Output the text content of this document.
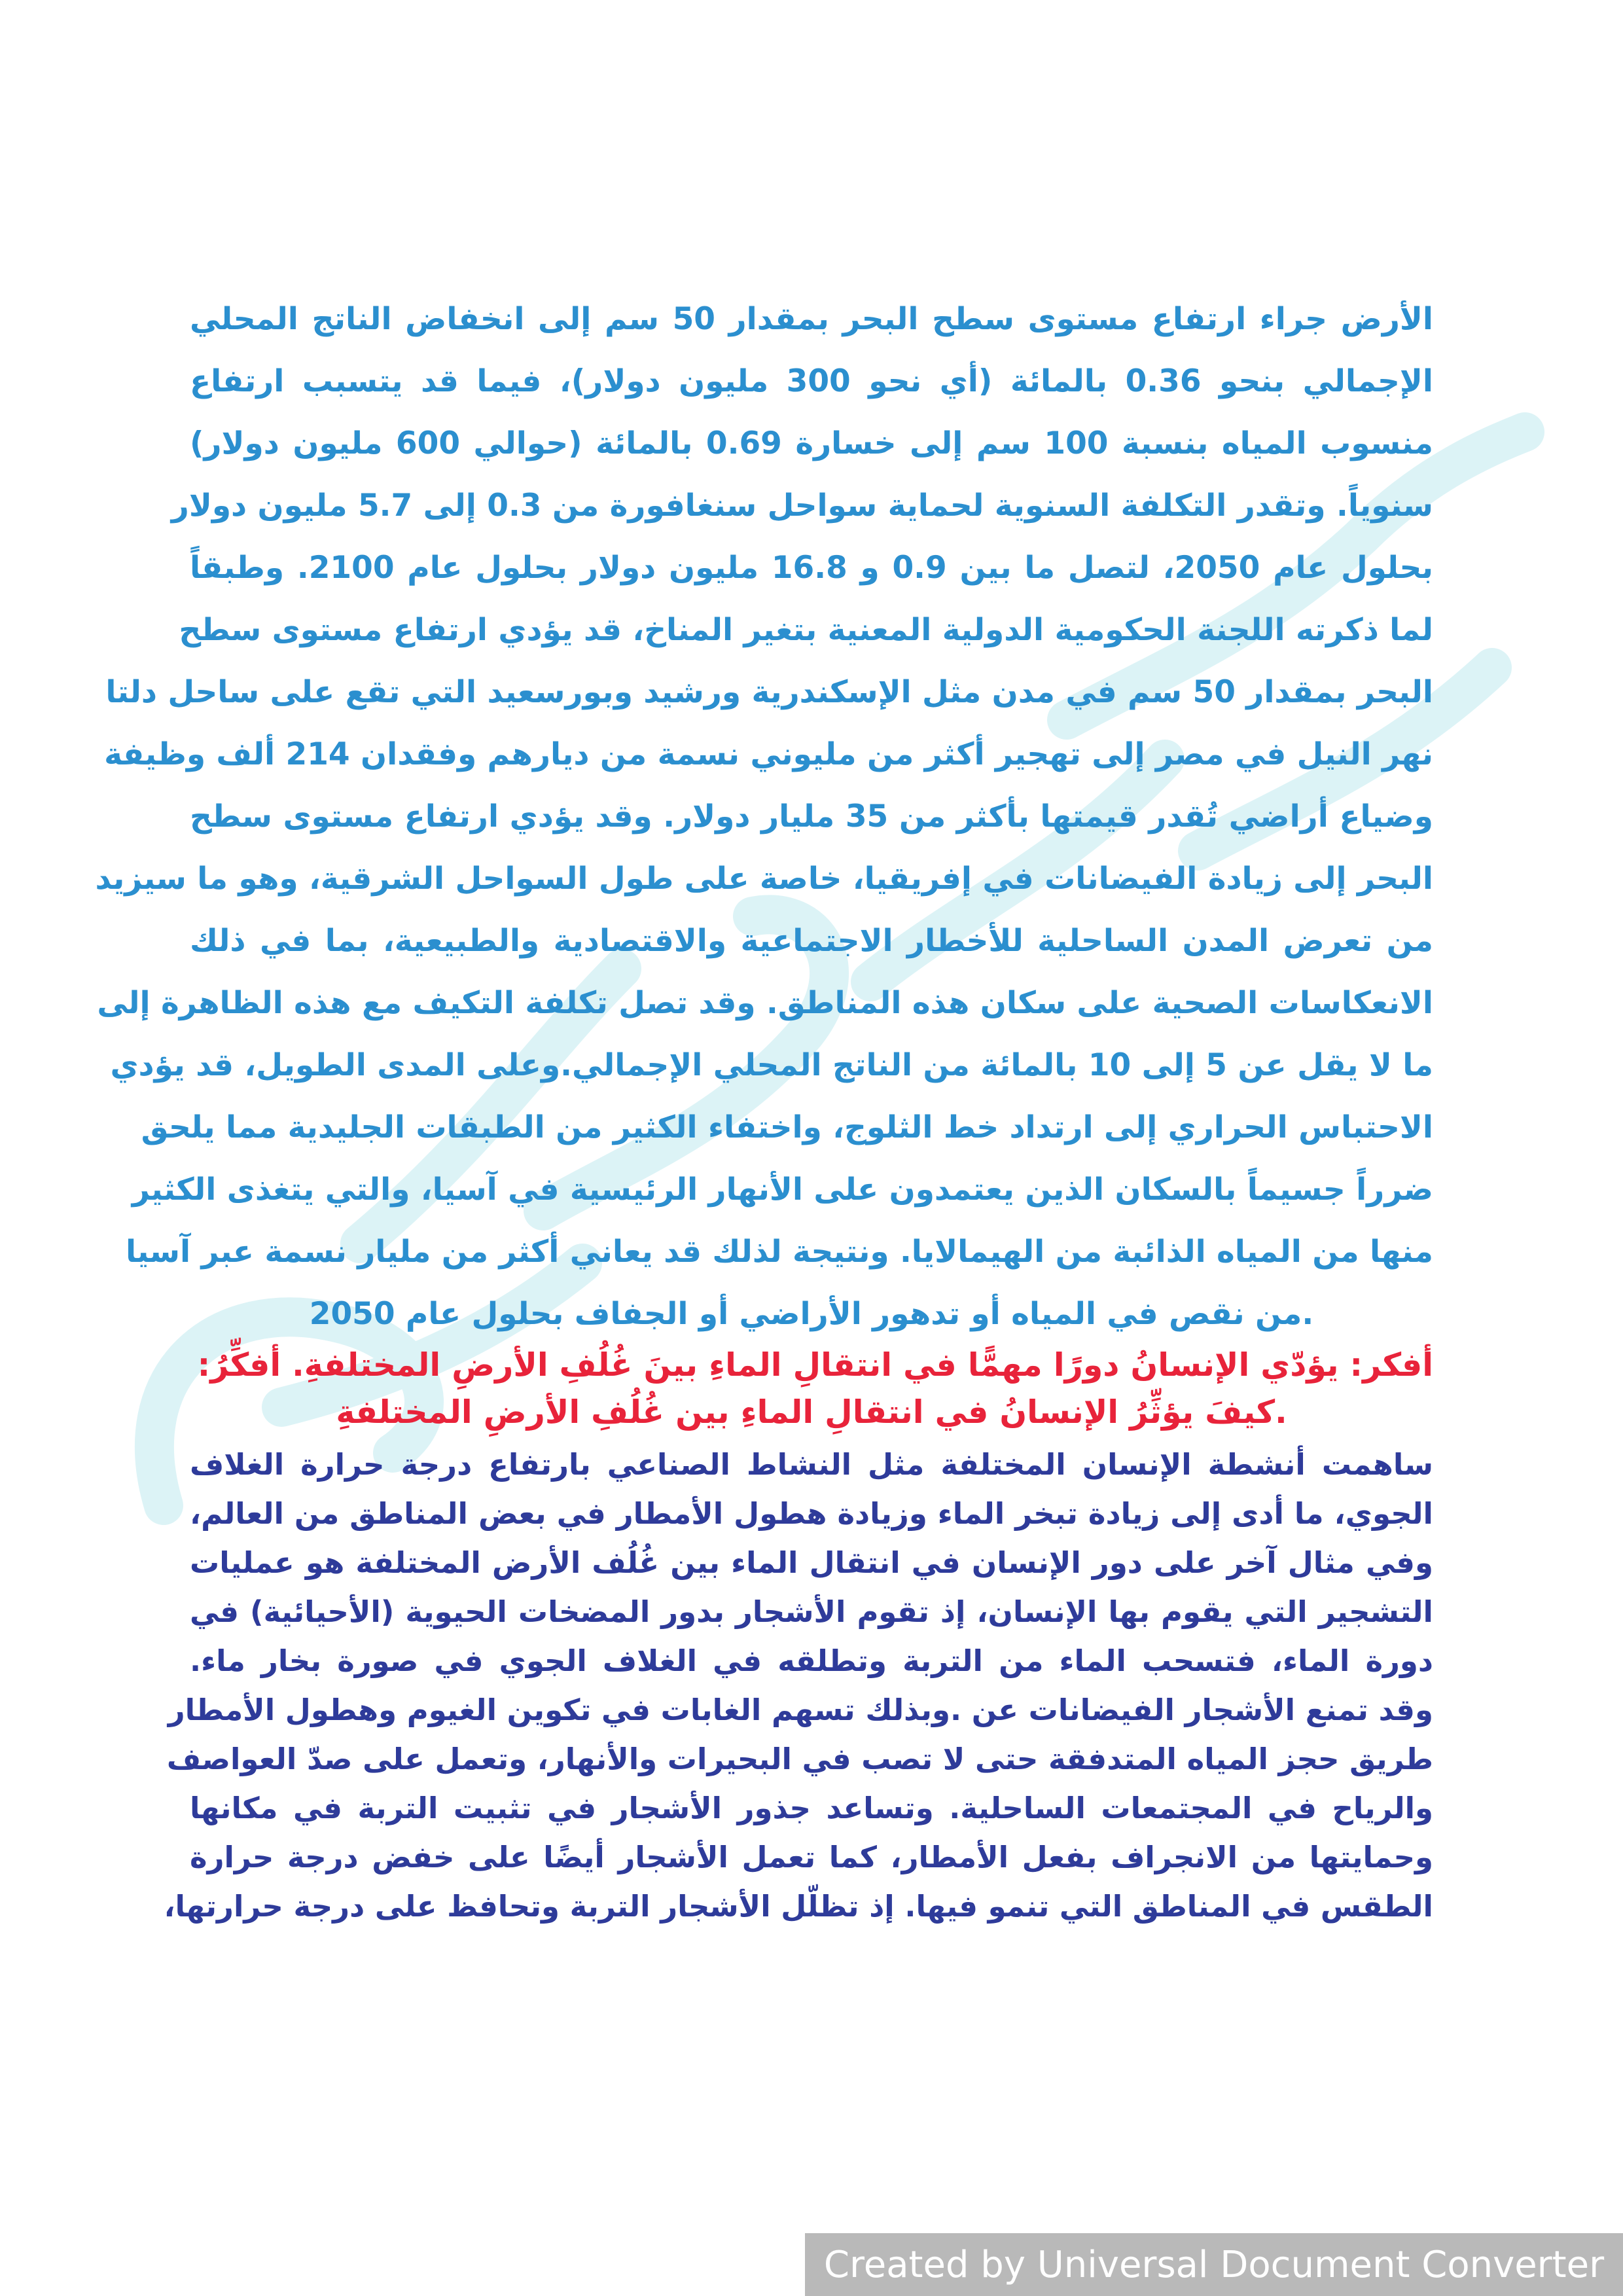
الأرض جراء ارتفاع مستوى سطح البحر بمقدار 50 سم إلى انخفاض الناتج المحلي
الإجمالي بنحو 0.36 بالمائة (أي نحو 300 مليون دولار)، فيما قد يتسبب ارتفاع
منسوب المياه بنسبة 100 سم إلى خسارة 0.69 بالمائة (حوالي 600 مليون دولار)
سنوياً. وتقدر التكلفة السنوية لحماية سواحل سنغافورة من 0.3 إلى 5.7 مليون دولار
بحلول عام 2050، لتصل ما بين 0.9 و 16.8 مليون دولار بحلول عام 2100. وطبقاً
لما ذكرته اللجنة الحكومية الدولية المعنية بتغير المناخ، قد يؤدي ارتفاع مستوى سطح
البحر بمقدار 50 سم في مدن مثل الإسكندرية ورشيد وبورسعيد التي تقع على ساحل دلتا
نهر النيل في مصر إلى تهجير أكثر من مليوني نسمة من ديارهم وفقدان 214 ألف وظيفة
وضياع أراضي تُقدر قيمتها بأكثر من 35 مليار دولار. وقد يؤدي ارتفاع مستوى سطح
البحر إلى زيادة الفيضانات في إفريقيا، خاصة على طول السواحل الشرقية، وهو ما سيزيد
من تعرض المدن الساحلية للأخطار الاجتماعية والاقتصادية والطبيعية، بما في ذلك
الانعكاسات الصحية على سكان هذه المناطق. وقد تصل تكلفة التكيف مع هذه الظاهرة إلى
ما لا يقل عن 5 إلى 10 بالمائة من الناتج المحلي الإجمالي.وعلى المدى الطويل، قد يؤدي
الاحتباس الحراري إلى ارتداد خط الثلوج، واختفاء الكثير من الطبقات الجليدية مما يلحق
ضرراً جسيماً بالسكان الذين يعتمدون على الأنهار الرئيسية في آسيا، والتي يتغذى الكثير
منها من المياه الذائبة من الهيمالايا. ونتيجة لذلك قد يعاني أكثر من مليار نسمة عبر آسيا
.من نقص في المياه أو تدهور الأراضي أو الجفاف بحلول عام 2050
أفكر: يؤدّي الإنسانُ دورًا مهمًّا في انتقالِ الماءِ بينَ غُلُفِ الأرضِ المختلفةِ. أفكِّرُ:
.كيفَ يؤثِّرُ الإنسانُ في انتقالِ الماءِ بين غُلُفِ الأرضِ المختلفةِ
ساهمت أنشطة الإنسان المختلفة مثل النشاط الصناعي بارتفاع درجة حرارة الغلاف
الجوي، ما أدى إلى زيادة تبخر الماء وزيادة هطول الأمطار في بعض المناطق من العالم،
وفي مثال آخر على دور الإنسان في انتقال الماء بين غُلُف الأرض المختلفة هو عمليات
التشجير التي يقوم بها الإنسان، إذ تقوم الأشجار بدور المضخات الحيوية (الأحيائية) في
دورة الماء، فتسحب الماء من التربة وتطلقه في الغلاف الجوي في صورة بخار ماء.
وقد تمنع الأشجار الفيضانات عن .وبذلك تسهم الغابات في تكوين الغيوم وهطول الأمطار
طريق حجز المياه المتدفقة حتى لا تصب في البحيرات والأنهار، وتعمل على صدّ العواصف
والرياح في المجتمعات الساحلية. وتساعد جذور الأشجار في تثبيت التربة في مكانها
وحمايتها من الانجراف بفعل الأمطار، كما تعمل الأشجار أيضًا على خفض درجة حرارة
الطقس في المناطق التي تنمو فيها. إذ تظلّل الأشجار التربة وتحافظ على درجة حرارتها،
Created by Universal Document Converter
